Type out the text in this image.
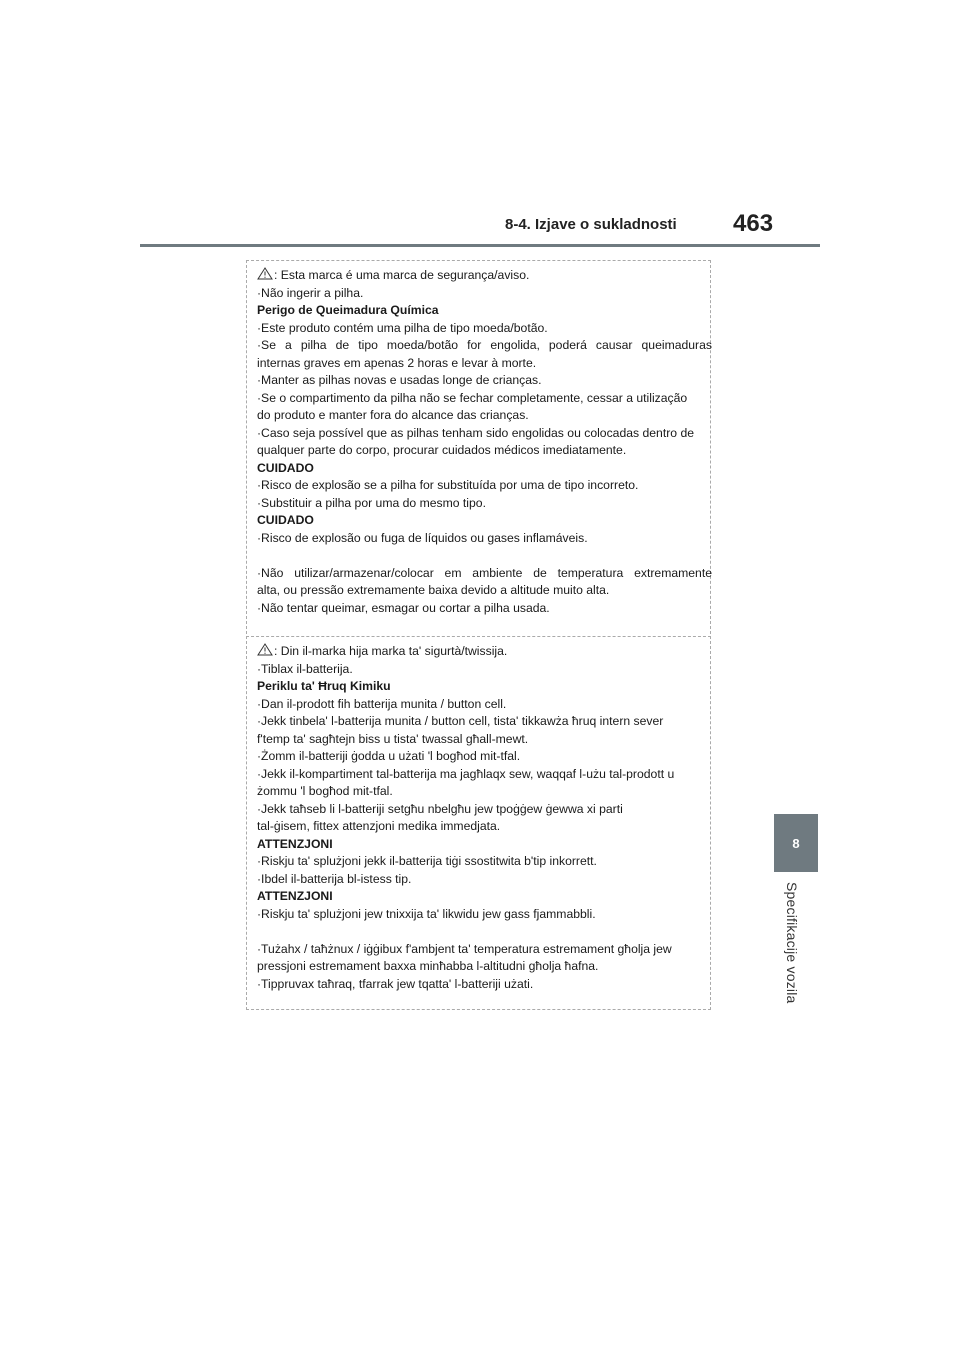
8-4. Izjave o sukladnosti 463
8
Specifikacije vozila
: Esta marca é uma marca de segurança/aviso.
·Não ingerir a pilha.
Perigo de Queimadura Química
·Este produto contém uma pilha de tipo moeda/botão.
·Se a pilha de tipo moeda/botão for engolida, poderá causar queimaduras
internas graves em apenas 2 horas e levar à morte.
·Manter as pilhas novas e usadas longe de crianças.
·Se o compartimento da pilha não se fechar completamente, cessar a utilização
do produto e manter fora do alcance das crianças.
·Caso seja possível que as pilhas tenham sido engolidas ou colocadas dentro de
qualquer parte do corpo, procurar cuidados médicos imediatamente.
CUIDADO
·Risco de explosão se a pilha for substituída por uma de tipo incorreto.
·Substituir a pilha por uma do mesmo tipo.
CUIDADO
·Risco de explosão ou fuga de líquidos ou gases inflamáveis.
·Não utilizar/armazenar/colocar em ambiente de temperatura extremamente
alta, ou pressão extremamente baixa devido a altitude muito alta.
·Não tentar queimar, esmagar ou cortar a pilha usada.
: Din il-marka hija marka ta' sigurtà/twissija.
·Tiblax il-batterija.
Periklu ta' Ħruq Kimiku
·Dan il-prodott fih batterija munita / button cell.
·Jekk tinbela' l-batterija munita / button cell, tista' tikkawża ħruq intern sever
f'temp ta' sagħtejn biss u tista' twassal għall-mewt.
·Żomm il-batteriji ġodda u użati 'l bogħod mit-tfal.
·Jekk il-kompartiment tal-batterija ma jagħlaqx sew, waqqaf l-użu tal-prodott u
żommu 'l bogħod mit-tfal.
·Jekk taħseb li l-batteriji setgħu nbelgħu jew tpoġġew ġewwa xi parti
tal-ġisem, fittex attenzjoni medika immedjata.
ATTENZJONI
·Riskju ta' splużjoni jekk il-batterija tiġi ssostitwita b'tip inkorrett.
·Ibdel il-batterija bl-istess tip.
ATTENZJONI
·Riskju ta' splużjoni jew tnixxija ta' likwidu jew gass fjammabbli.
·Tużahx / taħżnux / iġġibux f'ambjent ta' temperatura estremament għolja jew
pressjoni estremament baxxa minħabba l-altitudni għolja ħafna.
·Tippruvax taħraq, tfarrak jew tqatta' l-batteriji użati.
